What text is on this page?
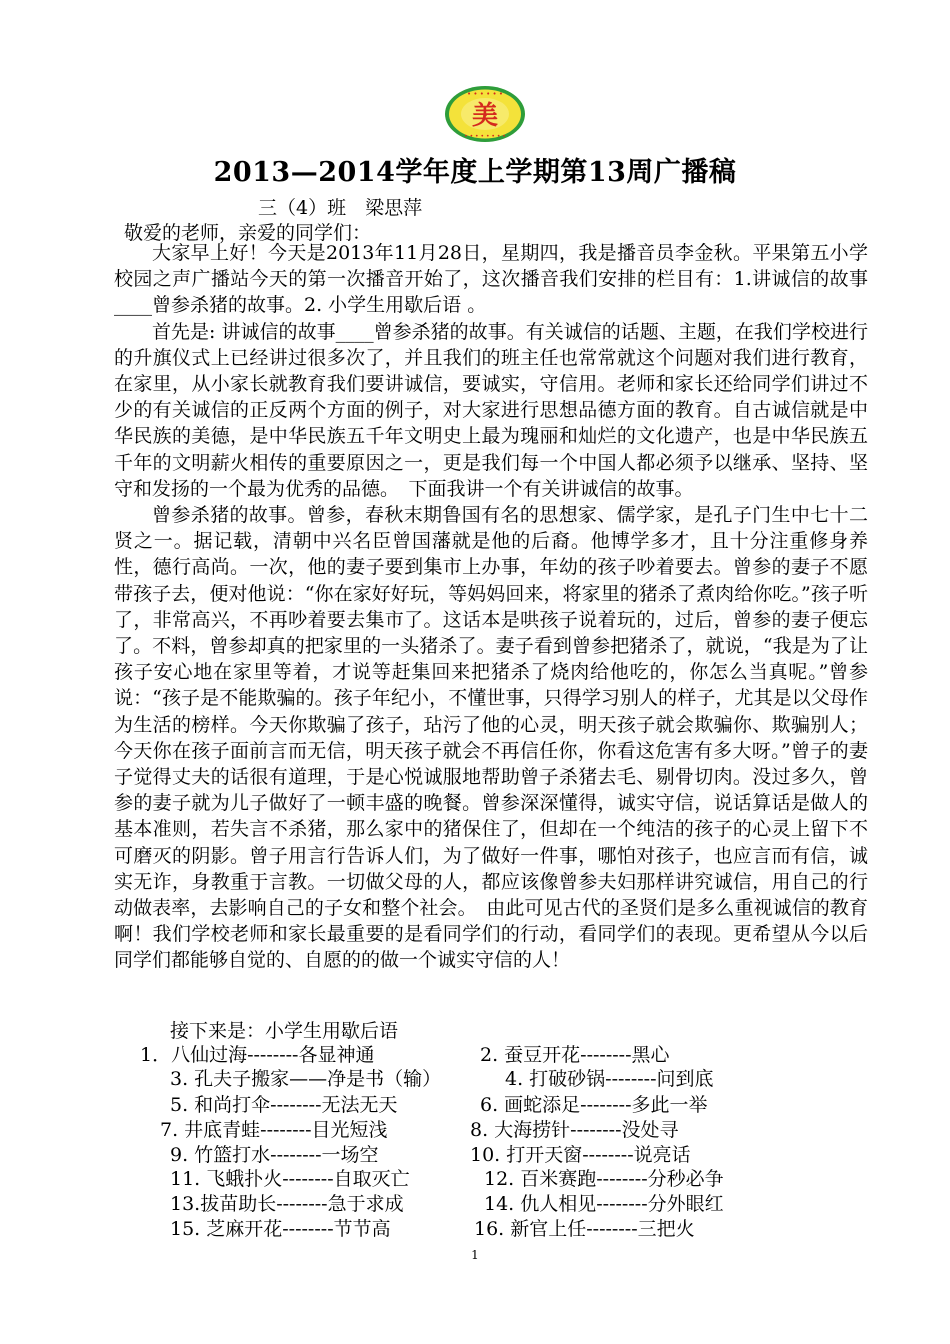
• • • • • •
• • • • • • • •
美
2013—2014学年度上学期第13周广播稿
三（4）班　梁思萍
敬爱的老师，亲爱的同学们：

大家早上好！今天是2013年11月28日，星期四，我是播音员李金秋。平果第五小学校园之声广播站今天的第一次播音开始了，这次播音我们安排的栏目有：1.讲诚信的故事____曾参杀猪的故事。2. 小学生用歇后语 。

首先是: 讲诚信的故事____曾参杀猪的故事。有关诚信的话题、主题，在我们学校进行的升旗仪式上已经讲过很多次了，并且我们的班主任也常常就这个问题对我们进行教育，在家里，从小家长就教育我们要讲诚信，要诚实，守信用。老师和家长还给同学们讲过不少的有关诚信的正反两个方面的例子，对大家进行思想品德方面的教育。自古诚信就是中华民族的美德，是中华民族五千年文明史上最为瑰丽和灿烂的文化遗产，也是中华民族五千年的文明薪火相传的重要原因之一，更是我们每一个中国人都必须予以继承、坚持、坚守和发扬的一个最为优秀的品德。　下面我讲一个有关讲诚信的故事。

曾参杀猪的故事。曾参，春秋末期鲁国有名的思想家、儒学家，是孔子门生中七十二贤之一。据记载，清朝中兴名臣曾国藩就是他的后裔。他博学多才，且十分注重修身养性，德行高尚。一次，他的妻子要到集市上办事，年幼的孩子吵着要去。曾参的妻子不愿带孩子去，便对他说：“你在家好好玩，等妈妈回来，将家里的猪杀了煮肉给你吃。”孩子听了，非常高兴，不再吵着要去集市了。这话本是哄孩子说着玩的，过后，曾参的妻子便忘了。不料，曾参却真的把家里的一头猪杀了。妻子看到曾参把猪杀了，就说，“我是为了让孩子安心地在家里等着，才说等赶集回来把猪杀了烧肉给他吃的，你怎么当真呢。”曾参说：“孩子是不能欺骗的。孩子年纪小，不懂世事，只得学习别人的样子，尤其是以父母作为生活的榜样。今天你欺骗了孩子，玷污了他的心灵，明天孩子就会欺骗你、欺骗别人；今天你在孩子面前言而无信，明天孩子就会不再信任你，你看这危害有多大呀。”曾子的妻子觉得丈夫的话很有道理，于是心悦诚服地帮助曾子杀猪去毛、剔骨切肉。没过多久，曾参的妻子就为儿子做好了一顿丰盛的晚餐。曾参深深懂得，诚实守信，说话算话是做人的基本准则，若失言不杀猪，那么家中的猪保住了，但却在一个纯洁的孩子的心灵上留下不可磨灭的阴影。曾子用言行告诉人们，为了做好一件事，哪怕对孩子，也应言而有信，诚实无诈，身教重于言教。一切做父母的人，都应该像曾参夫妇那样讲究诚信，用自己的行动做表率，去影响自己的子女和整个社会。　由此可见古代的圣贤们是多么重视诚信的教育啊！我们学校老师和家长最重要的是看同学们的行动，看同学们的表现。更希望从今以后同学们都能够自觉的、自愿的的做一个诚实守信的人！

接下来是：小学生用歇后语
1．八仙过海--------各显神通	2. 蚕豆开花--------黑心
3. 孔夫子搬家——净是书（输）	4. 打破砂锅--------问到底
5. 和尚打伞--------无法无天	6. 画蛇添足--------多此一举
7. 井底青蛙--------目光短浅	8. 大海捞针--------没处寻
9. 竹篮打水--------一场空	10. 打开天窗--------说亮话
11. 飞蛾扑火--------自取灭亡	12. 百米赛跑--------分秒必争
13.拔苗助长--------急于求成	14. 仇人相见--------分外眼红
15. 芝麻开花--------节节高	16. 新官上任--------三把火
1
